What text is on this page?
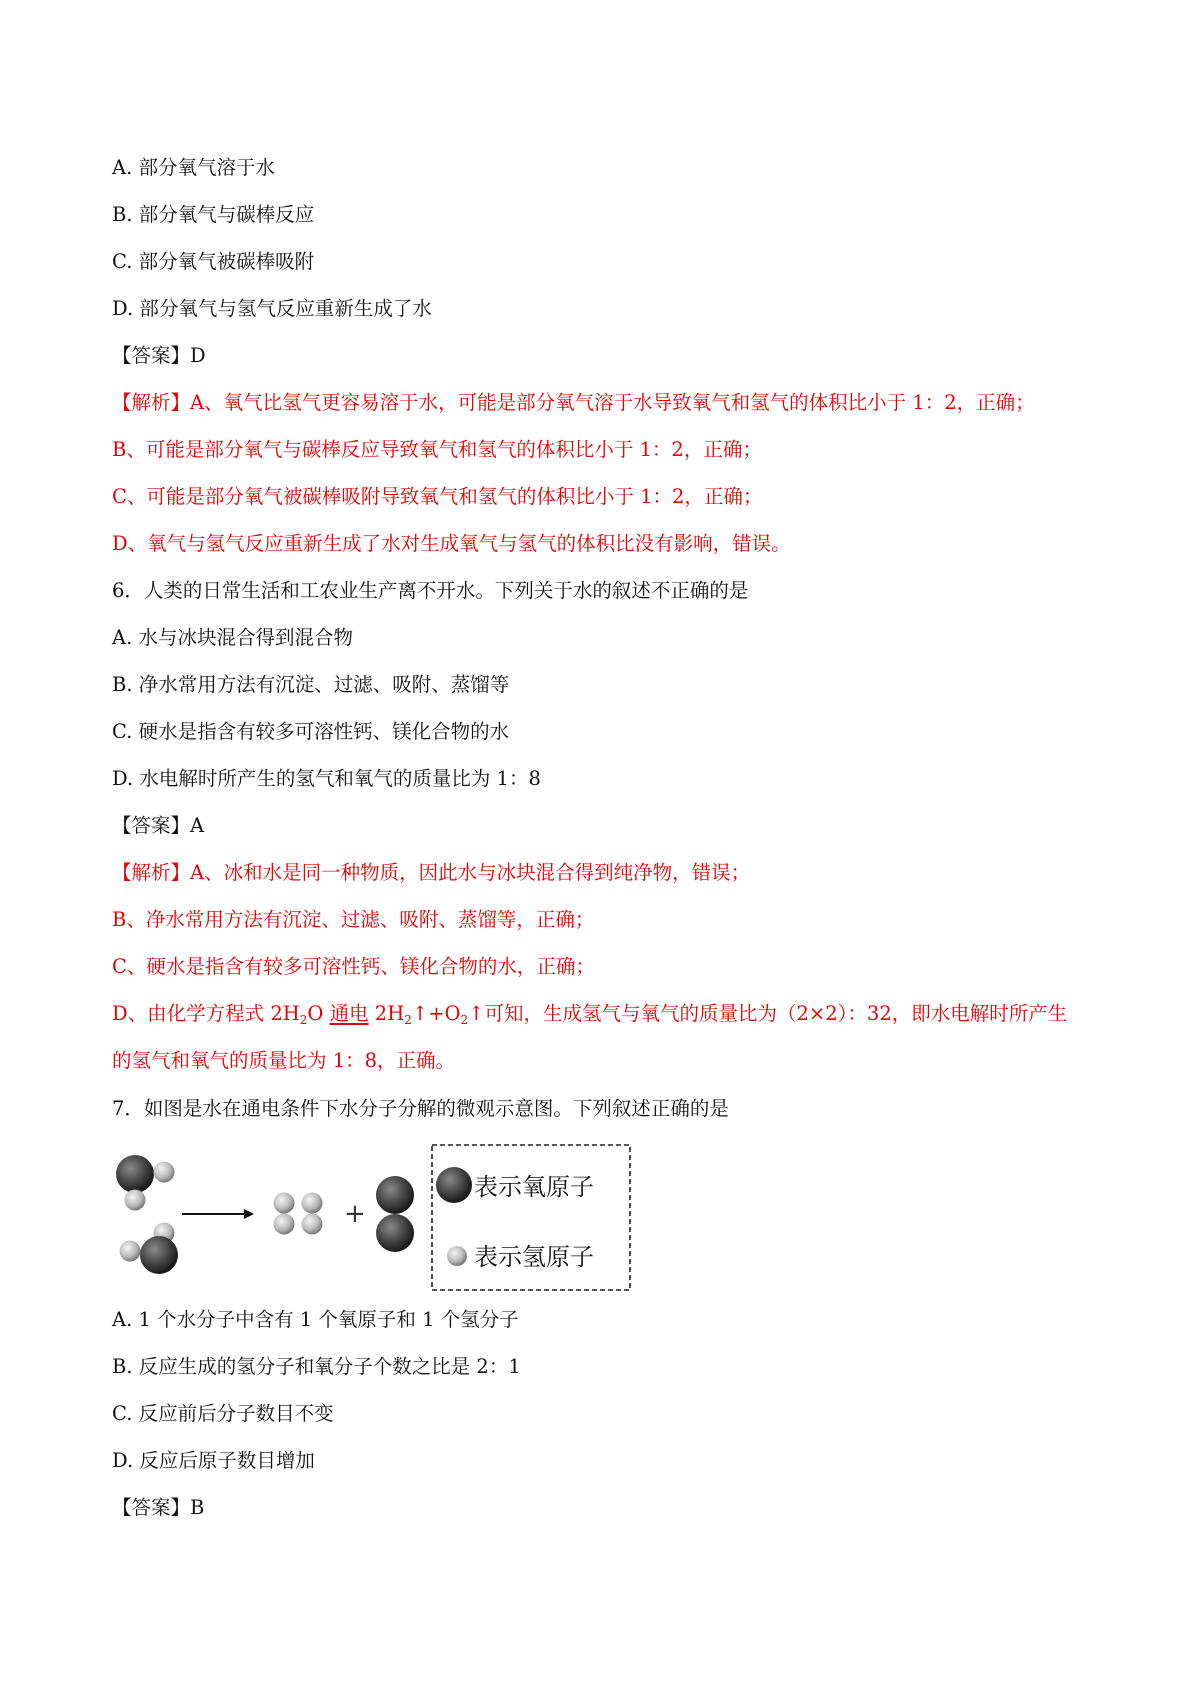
A. 部分氧气溶于水
B. 部分氧气与碳棒反应
C. 部分氧气被碳棒吸附
D. 部分氧气与氢气反应重新生成了水
【答案】D
【解析】A、氧气比氢气更容易溶于水，可能是部分氧气溶于水导致氧气和氢气的体积比小于 1：2，正确；
B、可能是部分氧气与碳棒反应导致氧气和氢气的体积比小于 1：2，正确；
C、可能是部分氧气被碳棒吸附导致氧气和氢气的体积比小于 1：2，正确；
D、氧气与氢气反应重新生成了水对生成氧气与氢气的体积比没有影响，错误。
6．人类的日常生活和工农业生产离不开水。下列关于水的叙述不正确的是
A. 水与冰块混合得到混合物
B. 净水常用方法有沉淀、过滤、吸附、蒸馏等
C. 硬水是指含有较多可溶性钙、镁化合物的水
D. 水电解时所产生的氢气和氧气的质量比为 1：8
【答案】A
【解析】A、冰和水是同一种物质，因此水与冰块混合得到纯净物，错误；
B、净水常用方法有沉淀、过滤、吸附、蒸馏等，正确；
C、硬水是指含有较多可溶性钙、镁化合物的水，正确；
D、由化学方程式 $2H_2O$ 通电 $2H_2↑+O_2↑$可知，生成氢气与氧气的质量比为（2×2）：32，即水电解时所产生
的氢气和氧气的质量比为 1：8，正确。
7．如图是水在通电条件下水分子分解的微观示意图。下列叙述正确的是
+
表示氧原子
表示氢原子
A. 1 个水分子中含有 1 个氧原子和 1 个氢分子
B. 反应生成的氢分子和氧分子个数之比是 2：1
C. 反应前后分子数目不变
D. 反应后原子数目增加
【答案】B
